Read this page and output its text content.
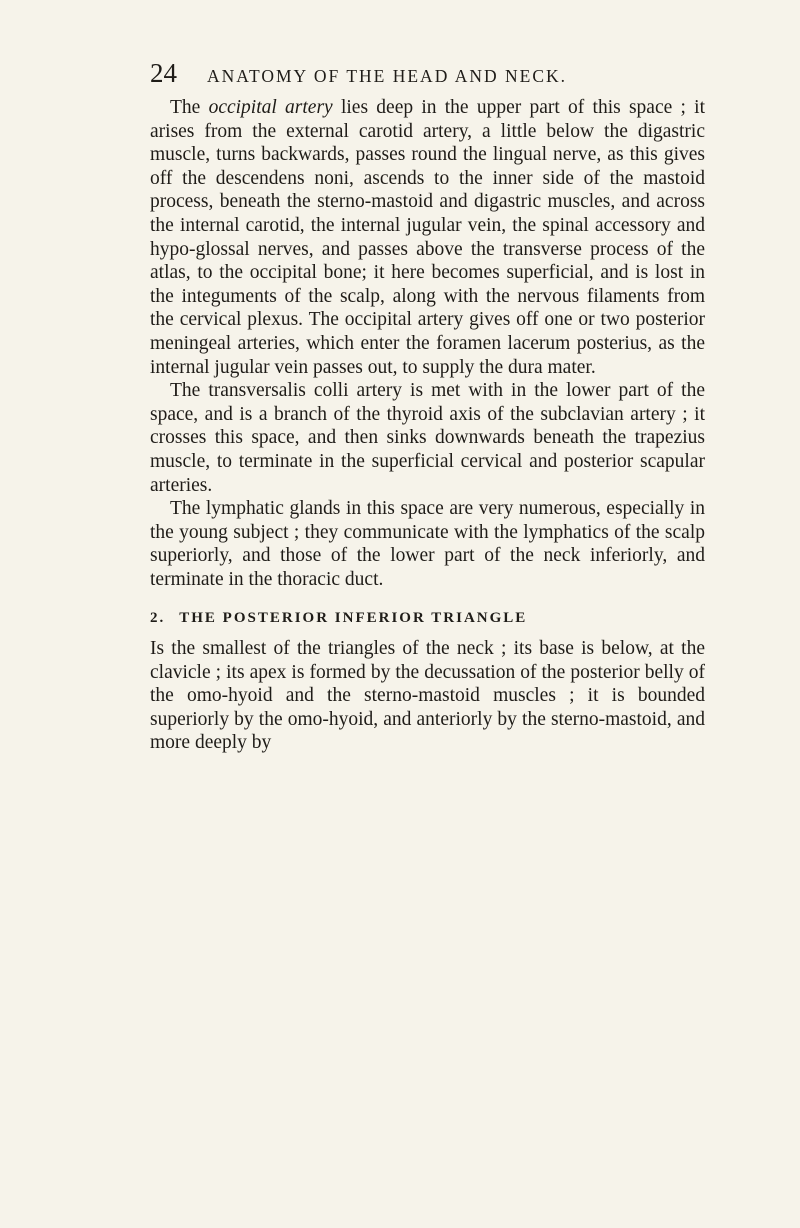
24 ANATOMY OF THE HEAD AND NECK.

The occipital artery lies deep in the upper part of this space ; it arises from the external carotid artery, a little below the digastric muscle, turns backwards, passes round the lingual nerve, as this gives off the descendens noni, ascends to the inner side of the mastoid process, beneath the sterno-mastoid and digastric muscles, and across the internal carotid, the internal jugular vein, the spinal accessory and hypo-glossal nerves, and passes above the transverse process of the atlas, to the occipital bone; it here becomes superficial, and is lost in the integuments of the scalp, along with the nervous filaments from the cervical plexus. The occipital artery gives off one or two posterior meningeal arteries, which enter the foramen lacerum posterius, as the internal jugular vein passes out, to supply the dura mater.

The transversalis colli artery is met with in the lower part of the space, and is a branch of the thyroid axis of the subclavian artery ; it crosses this space, and then sinks downwards beneath the trapezius muscle, to terminate in the superficial cervical and posterior scapular arteries.

The lymphatic glands in this space are very numerous, especially in the young subject ; they communicate with the lymphatics of the scalp superiorly, and those of the lower part of the neck inferiorly, and terminate in the thoracic duct.

2. THE POSTERIOR INFERIOR TRIANGLE

Is the smallest of the triangles of the neck ; its base is below, at the clavicle ; its apex is formed by the decussation of the posterior belly of the omo-hyoid and the sterno-mastoid muscles ; it is bounded superiorly by the omo-hyoid, and anteriorly by the sterno-mastoid, and more deeply by
